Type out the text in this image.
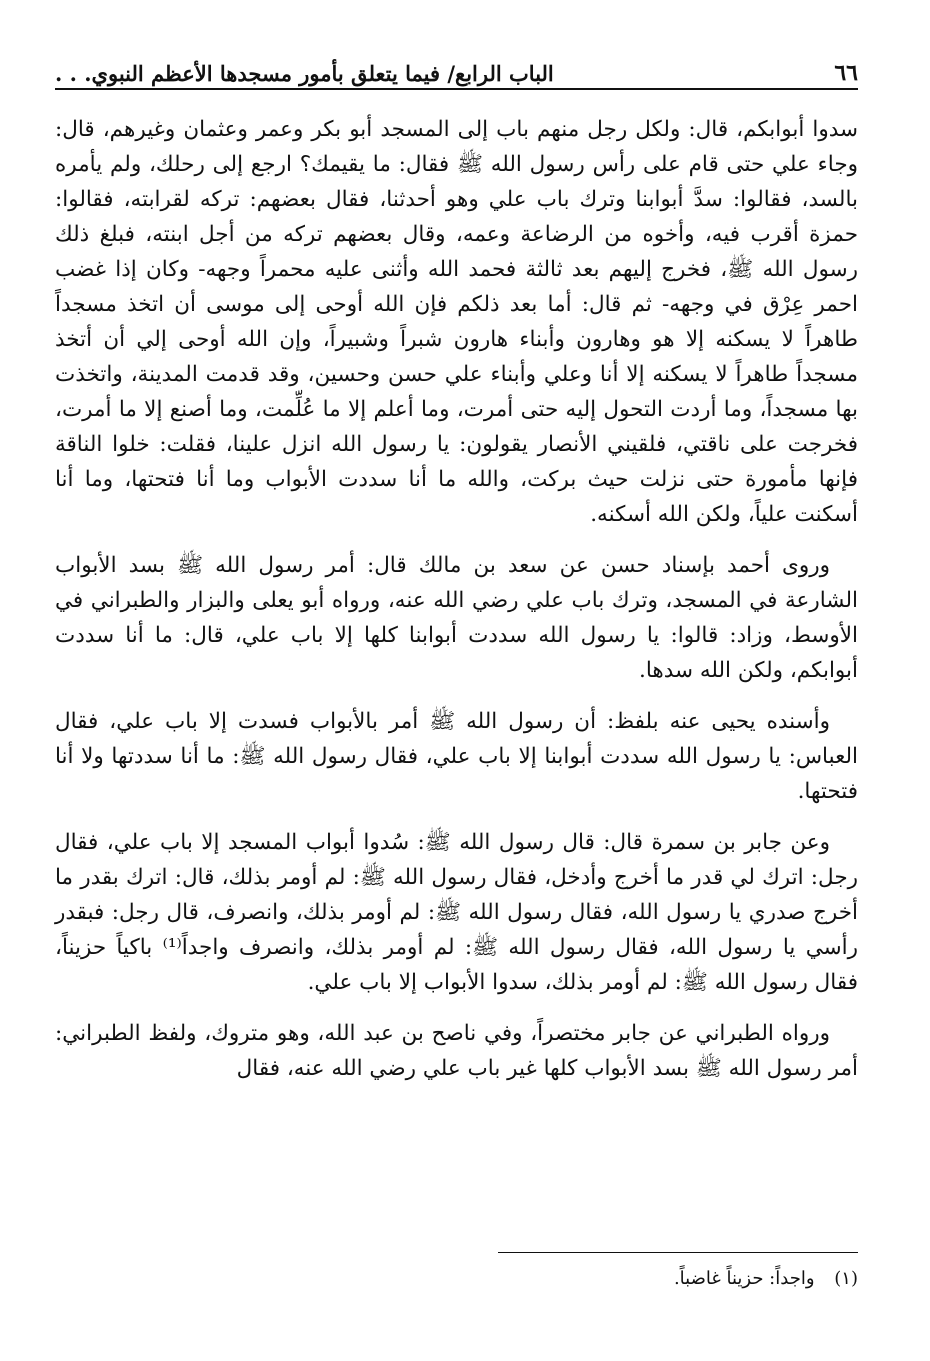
٦٦
الباب الرابع/ فيما يتعلق بأمور مسجدها الأعظم النبوي. . .

سدوا أبوابكم، قال: ولكل رجل منهم باب إلى المسجد أبو بكر وعمر وعثمان وغيرهم، قال: وجاء علي حتى قام على رأس رسول الله ﷺ فقال: ما يقيمك؟ ارجع إلى رحلك، ولم يأمره بالسد، فقالوا: سدَّ أبوابنا وترك باب علي وهو أحدثنا، فقال بعضهم: تركه لقرابته، فقالوا: حمزة أقرب فيه، وأخوه من الرضاعة وعمه، وقال بعضهم تركه من أجل ابنته، فبلغ ذلك رسول الله ﷺ، فخرج إليهم بعد ثالثة فحمد الله وأثنى عليه محمراً وجهه- وكان إذا غضب احمر عِرْق في وجهه- ثم قال: أما بعد ذلكم فإن الله أوحى إلى موسى أن اتخذ مسجداً طاهراً لا يسكنه إلا هو وهارون وأبناء هارون شبراً وشبيراً، وإن الله أوحى إلي أن أتخذ مسجداً طاهراً لا يسكنه إلا أنا وعلي وأبناء علي حسن وحسين، وقد قدمت المدينة، واتخذت بها مسجداً، وما أردت التحول إليه حتى أمرت، وما أعلم إلا ما عُلِّمت، وما أصنع إلا ما أمرت، فخرجت على ناقتي، فلقيني الأنصار يقولون: يا رسول الله انزل علينا، فقلت: خلوا الناقة فإنها مأمورة حتى نزلت حيث بركت، والله ما أنا سددت الأبواب وما أنا فتحتها، وما أنا أسكنت علياً، ولكن الله أسكنه.

وروى أحمد بإسناد حسن عن سعد بن مالك قال: أمر رسول الله ﷺ بسد الأبواب الشارعة في المسجد، وترك باب علي رضي الله عنه، ورواه أبو يعلى والبزار والطبراني في الأوسط، وزاد: قالوا: يا رسول الله سددت أبوابنا كلها إلا باب علي، قال: ما أنا سددت أبوابكم، ولكن الله سدها.

وأسنده يحيى عنه بلفظ: أن رسول الله ﷺ أمر بالأبواب فسدت إلا باب علي، فقال العباس: يا رسول الله سددت أبوابنا إلا باب علي، فقال رسول الله ﷺ: ما أنا سددتها ولا أنا فتحتها.

وعن جابر بن سمرة قال: قال رسول الله ﷺ: سُدوا أبواب المسجد إلا باب علي، فقال رجل: اترك لي قدر ما أخرج وأدخل، فقال رسول الله ﷺ: لم أومر بذلك، قال: اترك بقدر ما أخرج صدري يا رسول الله، فقال رسول الله ﷺ: لم أومر بذلك، وانصرف، قال رجل: فبقدر رأسي يا رسول الله، فقال رسول الله ﷺ: لم أومر بذلك، وانصرف واجداً⁽¹⁾ باكياً حزيناً، فقال رسول الله ﷺ: لم أومر بذلك، سدوا الأبواب إلا باب علي.

ورواه الطبراني عن جابر مختصراً، وفي ناصح بن عبد الله، وهو متروك، ولفظ الطبراني: أمر رسول الله ﷺ بسد الأبواب كلها غير باب علي رضي الله عنه، فقال

(١) واجداً: حزيناً غاضباً.
